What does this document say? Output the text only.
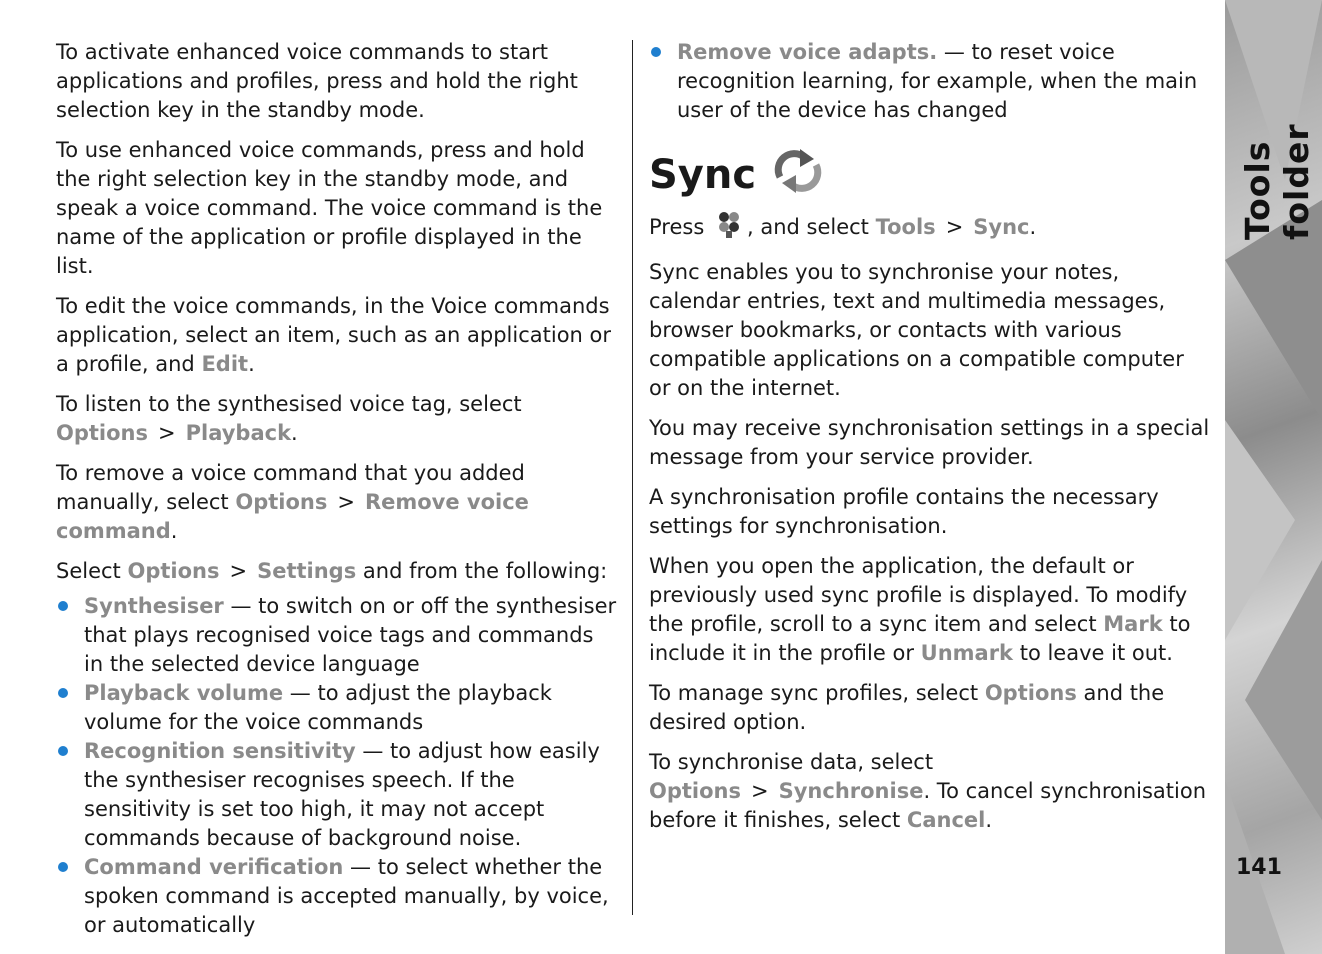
To activate enhanced voice commands to start applications and profiles, press and hold the right selection key in the standby mode.

To use enhanced voice commands, press and hold the right selection key in the standby mode, and speak a voice command. The voice command is the name of the application or profile displayed in the list.

To edit the voice commands, in the Voice commands application, select an item, such as an application or a profile, and Edit.

To listen to the synthesised voice tag, select Options > Playback.

To remove a voice command that you added manually, select Options > Remove voice command.

Select Options > Settings and from the following:

Synthesiser — to switch on or off the synthesiser that plays recognised voice tags and commands in the selected device language
Playback volume — to adjust the playback volume for the voice commands
Recognition sensitivity — to adjust how easily the synthesiser recognises speech. If the sensitivity is set too high, it may not accept commands because of background noise.
Command verification — to select whether the spoken command is accepted manually, by voice, or automatically
Remove voice adapts. — to reset voice recognition learning, for example, when the main user of the device has changed
Sync

Press , and select Tools > Sync.

Sync enables you to synchronise your notes, calendar entries, text and multimedia messages, browser bookmarks, or contacts with various compatible applications on a compatible computer or on the internet.

You may receive synchronisation settings in a special message from your service provider.

A synchronisation profile contains the necessary settings for synchronisation.

When you open the application, the default or previously used sync profile is displayed. To modify the profile, scroll to a sync item and select Mark to include it in the profile or Unmark to leave it out.

To manage sync profiles, select Options and the desired option.

To synchronise data, select Options > Synchronise. To cancel synchronisation before it finishes, select Cancel.

Tools folder
141
